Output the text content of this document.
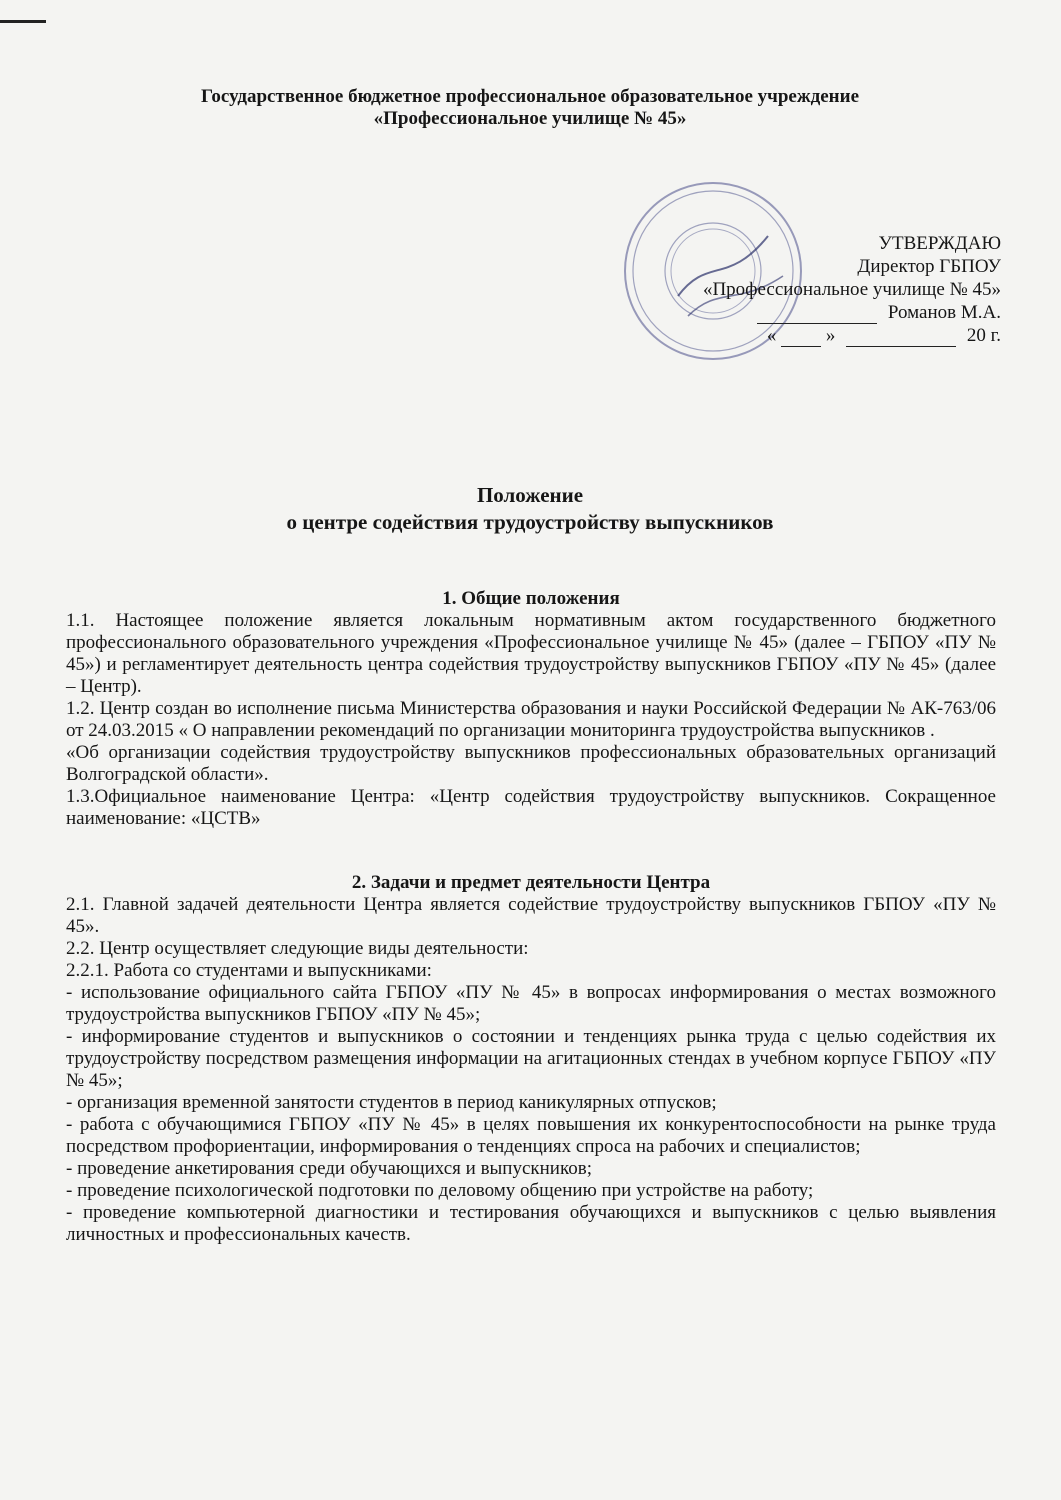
Государственное бюджетное профессиональное образовательное учреждение
«Профессиональное училище № 45»
УТВЕРЖДАЮ
Директор ГБПОУ
«Профессиональное училище № 45»
Романов М.А.
«	»	20 г.
Положение
о центре содействия трудоустройству выпускников
1. Общие положения

1.1. Настоящее положение является локальным нормативным актом государственного бюджетного профессионального образовательного учреждения «Профессиональное училище № 45» (далее – ГБПОУ «ПУ № 45») и регламентирует деятельность центра содействия трудоустройству выпускников ГБПОУ «ПУ № 45» (далее – Центр).

1.2. Центр создан во исполнение письма Министерства образования и науки Российской Федерации № АК-763/06 от 24.03.2015 « О направлении рекомендаций по организации мониторинга трудоустройства выпускников .

«Об организации содействия трудоустройству выпускников профессиональных образовательных организаций Волгоградской области».

1.3.Официальное наименование Центра: «Центр содействия трудоустройству выпускников. Сокращенное наименование: «ЦСТВ»

2. Задачи и предмет деятельности Центра

2.1. Главной задачей деятельности Центра является содействие трудоустройству выпускников ГБПОУ «ПУ № 45».

2.2. Центр осуществляет следующие виды деятельности:

2.2.1. Работа со студентами и выпускниками:

- использование официального сайта ГБПОУ «ПУ № 45» в вопросах информирования о местах возможного трудоустройства выпускников ГБПОУ «ПУ № 45»;

- информирование студентов и выпускников о состоянии и тенденциях рынка труда с целью содействия их трудоустройству посредством размещения информации на агитационных стендах в учебном корпусе ГБПОУ «ПУ № 45»;

- организация временной занятости студентов в период каникулярных отпусков;

- работа с обучающимися ГБПОУ «ПУ № 45» в целях повышения их конкурентоспособности на рынке труда посредством профориентации, информирования о тенденциях спроса на рабочих и специалистов;

- проведение анкетирования среди обучающихся и выпускников;

- проведение психологической подготовки по деловому общению при устройстве на работу;

- проведение компьютерной диагностики и тестирования обучающихся и выпускников с целью выявления личностных и профессиональных качеств.
